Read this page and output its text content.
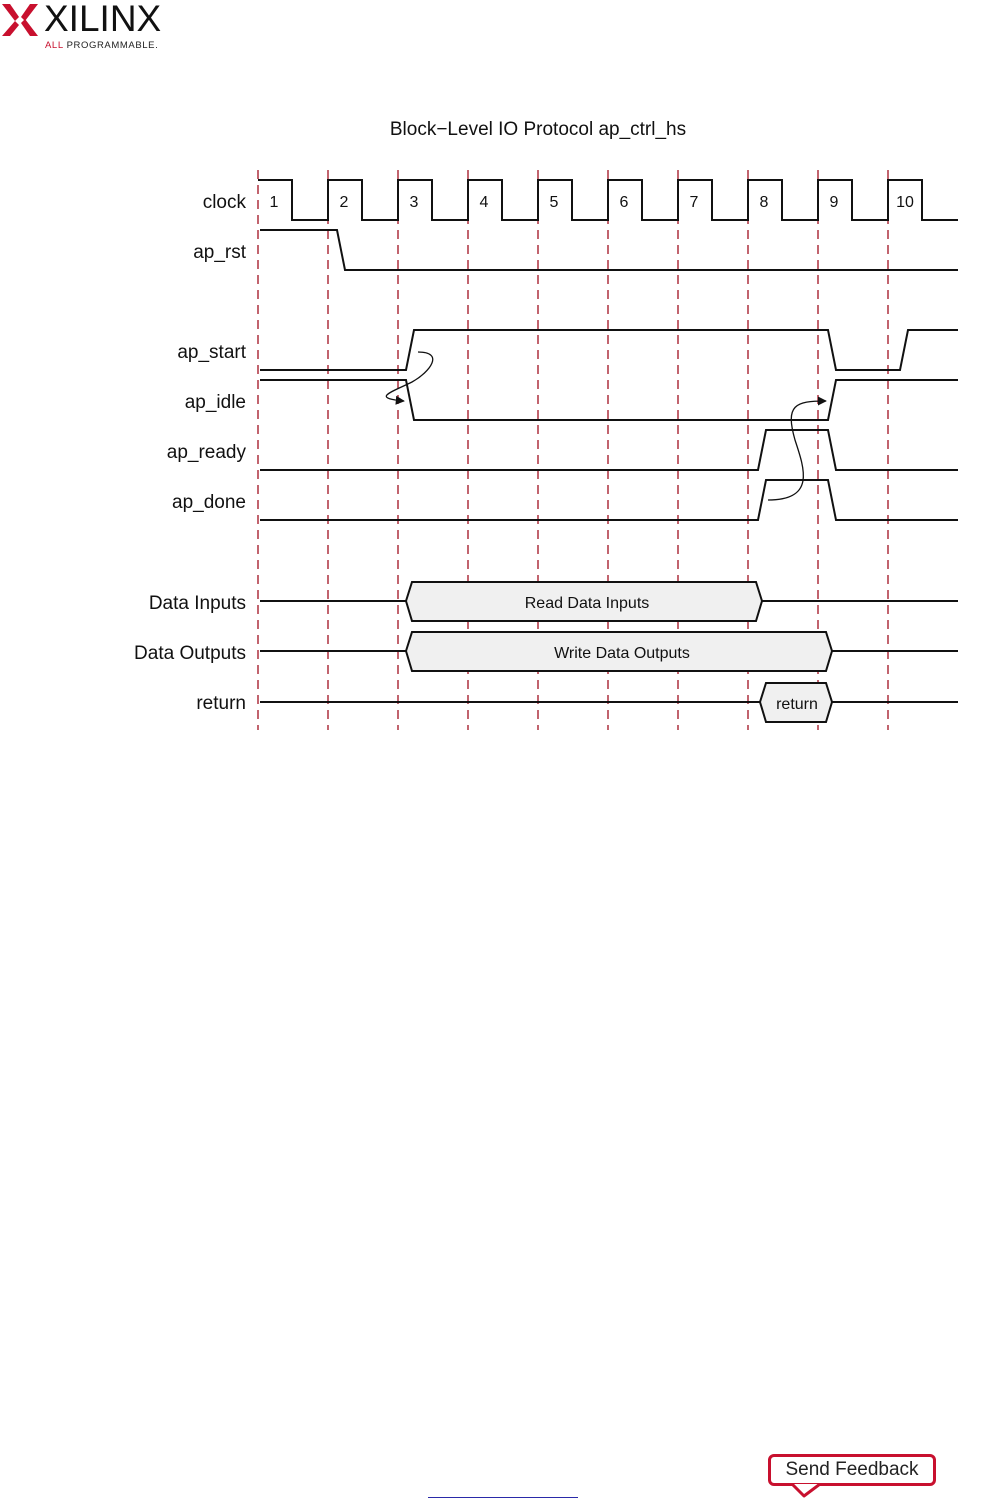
XILINX
ALL PROGRAMMABLE.
Block−Level IO Protocol ap_ctrl_hs
clock
ap_rst
ap_start
ap_idle
ap_ready
ap_done
Data Inputs
Data Outputs
return
Read Data Inputs
Write Data Outputs
return
1	2	3	4	5	6	7	8	9	10
Send Feedback
